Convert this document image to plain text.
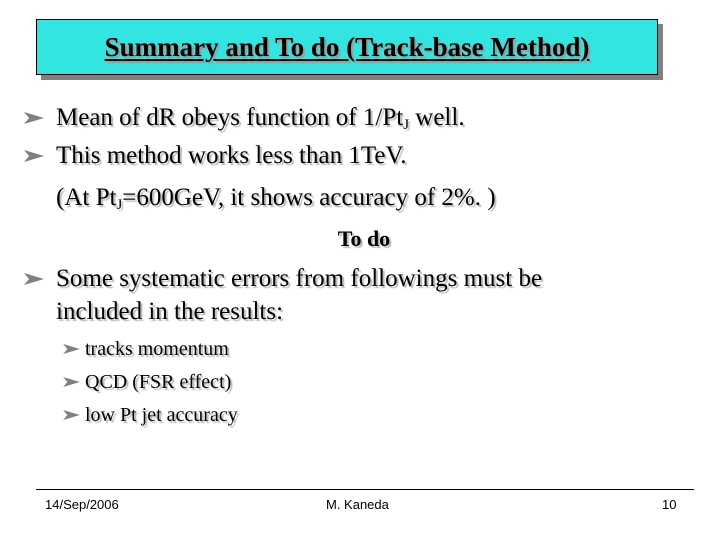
Summary and To do (Track-base Method)
Mean of dR obeys function of $1/Pt_J$ well.
This method works less than 1TeV.
(At $Pt_J=600GeV$, it shows accuracy of 2%. )
To do
Some systematic errors from followings must be
included in the results:
tracks momentum
QCD (FSR effect)
low Pt jet accuracy
14/Sep/2006	M. Kaneda	10
